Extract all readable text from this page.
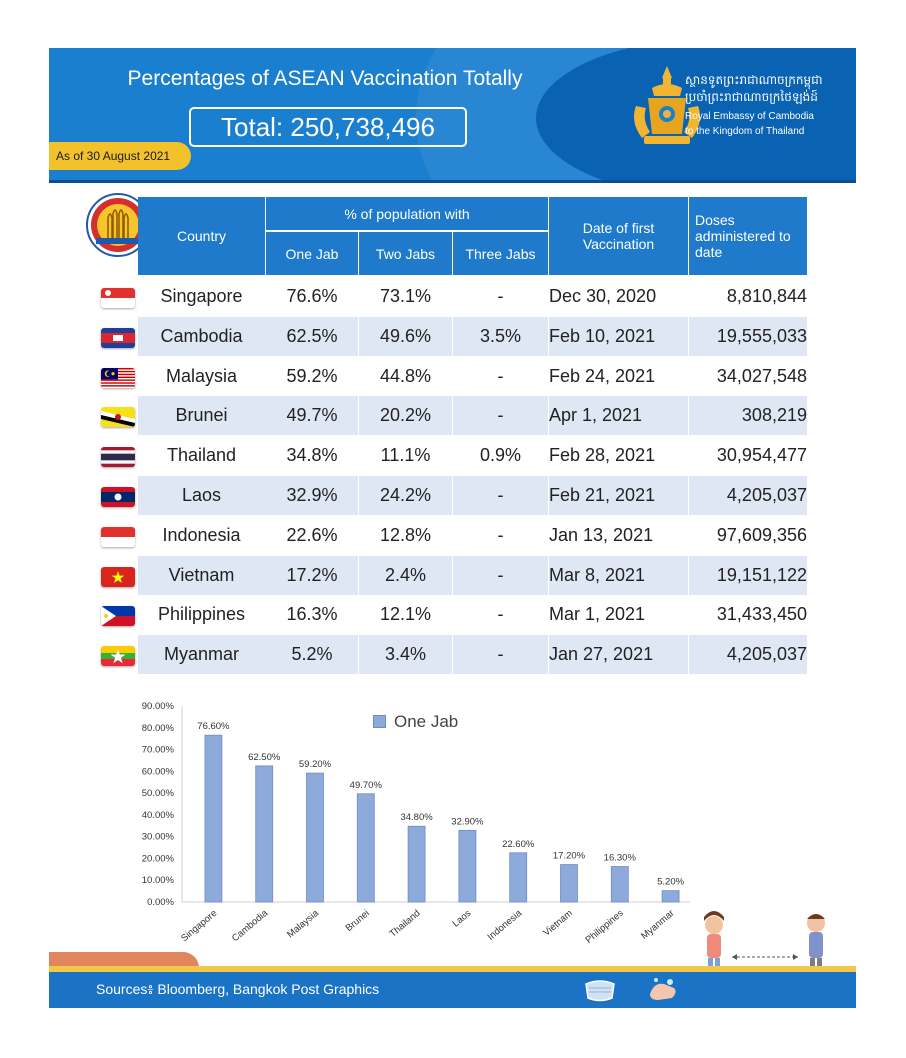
Percentages of ASEAN Vaccination Totally
Total: 250,738,496
ស្ថានទូតព្រះរាជាណាចក្រកម្ពុជា
ប្រចាំព្រះរាជាណាចក្រថៃឡង់ដ៍
Royal Embassy of Cambodia
to the Kingdom of Thailand
As of 30 August 2021
Country
% of population with
One Jab	Two Jabs	Three Jabs
Date of first Vaccination
Doses administered to date
Singapore	76.6%	73.1%	-	Dec 30, 2020	8,810,844
Cambodia	62.5%	49.6%	3.5%	Feb 10, 2021	19,555,033
Malaysia	59.2%	44.8%	-	Feb 24, 2021	34,027,548
Brunei	49.7%	20.2%	-	Apr 1, 2021	308,219
Thailand	34.8%	11.1%	0.9%	Feb 28, 2021	30,954,477
Laos	32.9%	24.2%	-	Feb 21, 2021	4,205,037
Indonesia	22.6%	12.8%	-	Jan 13, 2021	97,609,356
Vietnam	17.2%	2.4%	-	Mar 8, 2021	19,151,122
Philippines	16.3%	12.1%	-	Mar 1, 2021	31,433,450
Myanmar	5.2%	3.4%	-	Jan 27, 2021	4,205,037
One Jab
0.00%
10.00%
20.00%
30.00%
40.00%
50.00%
60.00%
70.00%
80.00%
90.00%
76.60%
Singapore
62.50%
Cambodia
59.20%
Malaysia
49.70%
Brunei
34.80%
Thailand
32.90%
Laos
22.60%
Indonesia
17.20%
Vietnam
16.30%
Philippines
5.20%
Myanmar
Sources៖ Bloomberg, Bangkok Post Graphics
